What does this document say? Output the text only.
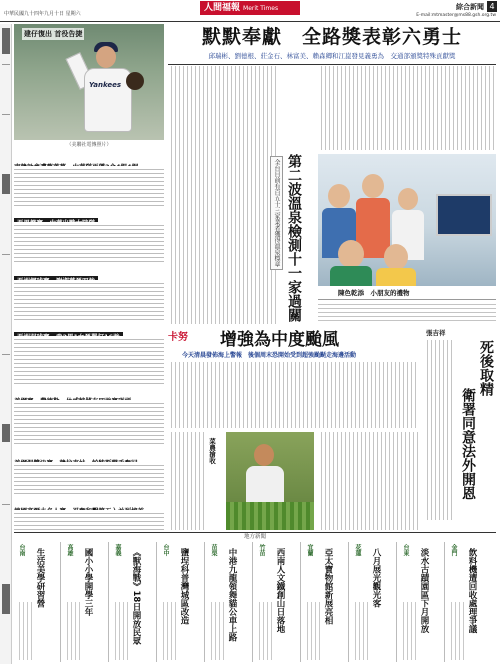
中華民國九十四年九月十日 星期六
人間福報 Merit Times	綜合新聞 4
E-mail:mtmaster@ms88.gsh.org.tw
Yankees
建仔復出 首役告捷
（美聯社電傳照片）
默默奉獻　全路獎表彰六勇士
邱瑞彬、劉德根、莊金石、林富美、賴森卿和江崑發見義勇為　交通部頒獎特殊貢獻獎
第二波溫泉檢測十一家過關
全台目前有百五十三家業者獲得溫泉標章
陳色乾添　小朋友的禮物
卡努 增強為中度颱風
今天清晨發佈海上警報　後個周末恐開始受到超強颱颳走海邊活動
菜農搶收
張吉祥
死後取精
衛署同意法外開恩
地方新聞
台南 生活美學研習營	高雄 國小小學開學三年	嘉義 《獸海戰》18日開放民眾	台中 鹽埕科普灣城區改造	苗栗 中港九龍領舞貓公車上路	竹苗 西南人文鐵創山日落地	宜蘭 亞太寶物館新展亮相	花蓮 八月展光觀光客	台東 淡水古蹟園區下月開放	金門 飲料機遭回收處理爭議
